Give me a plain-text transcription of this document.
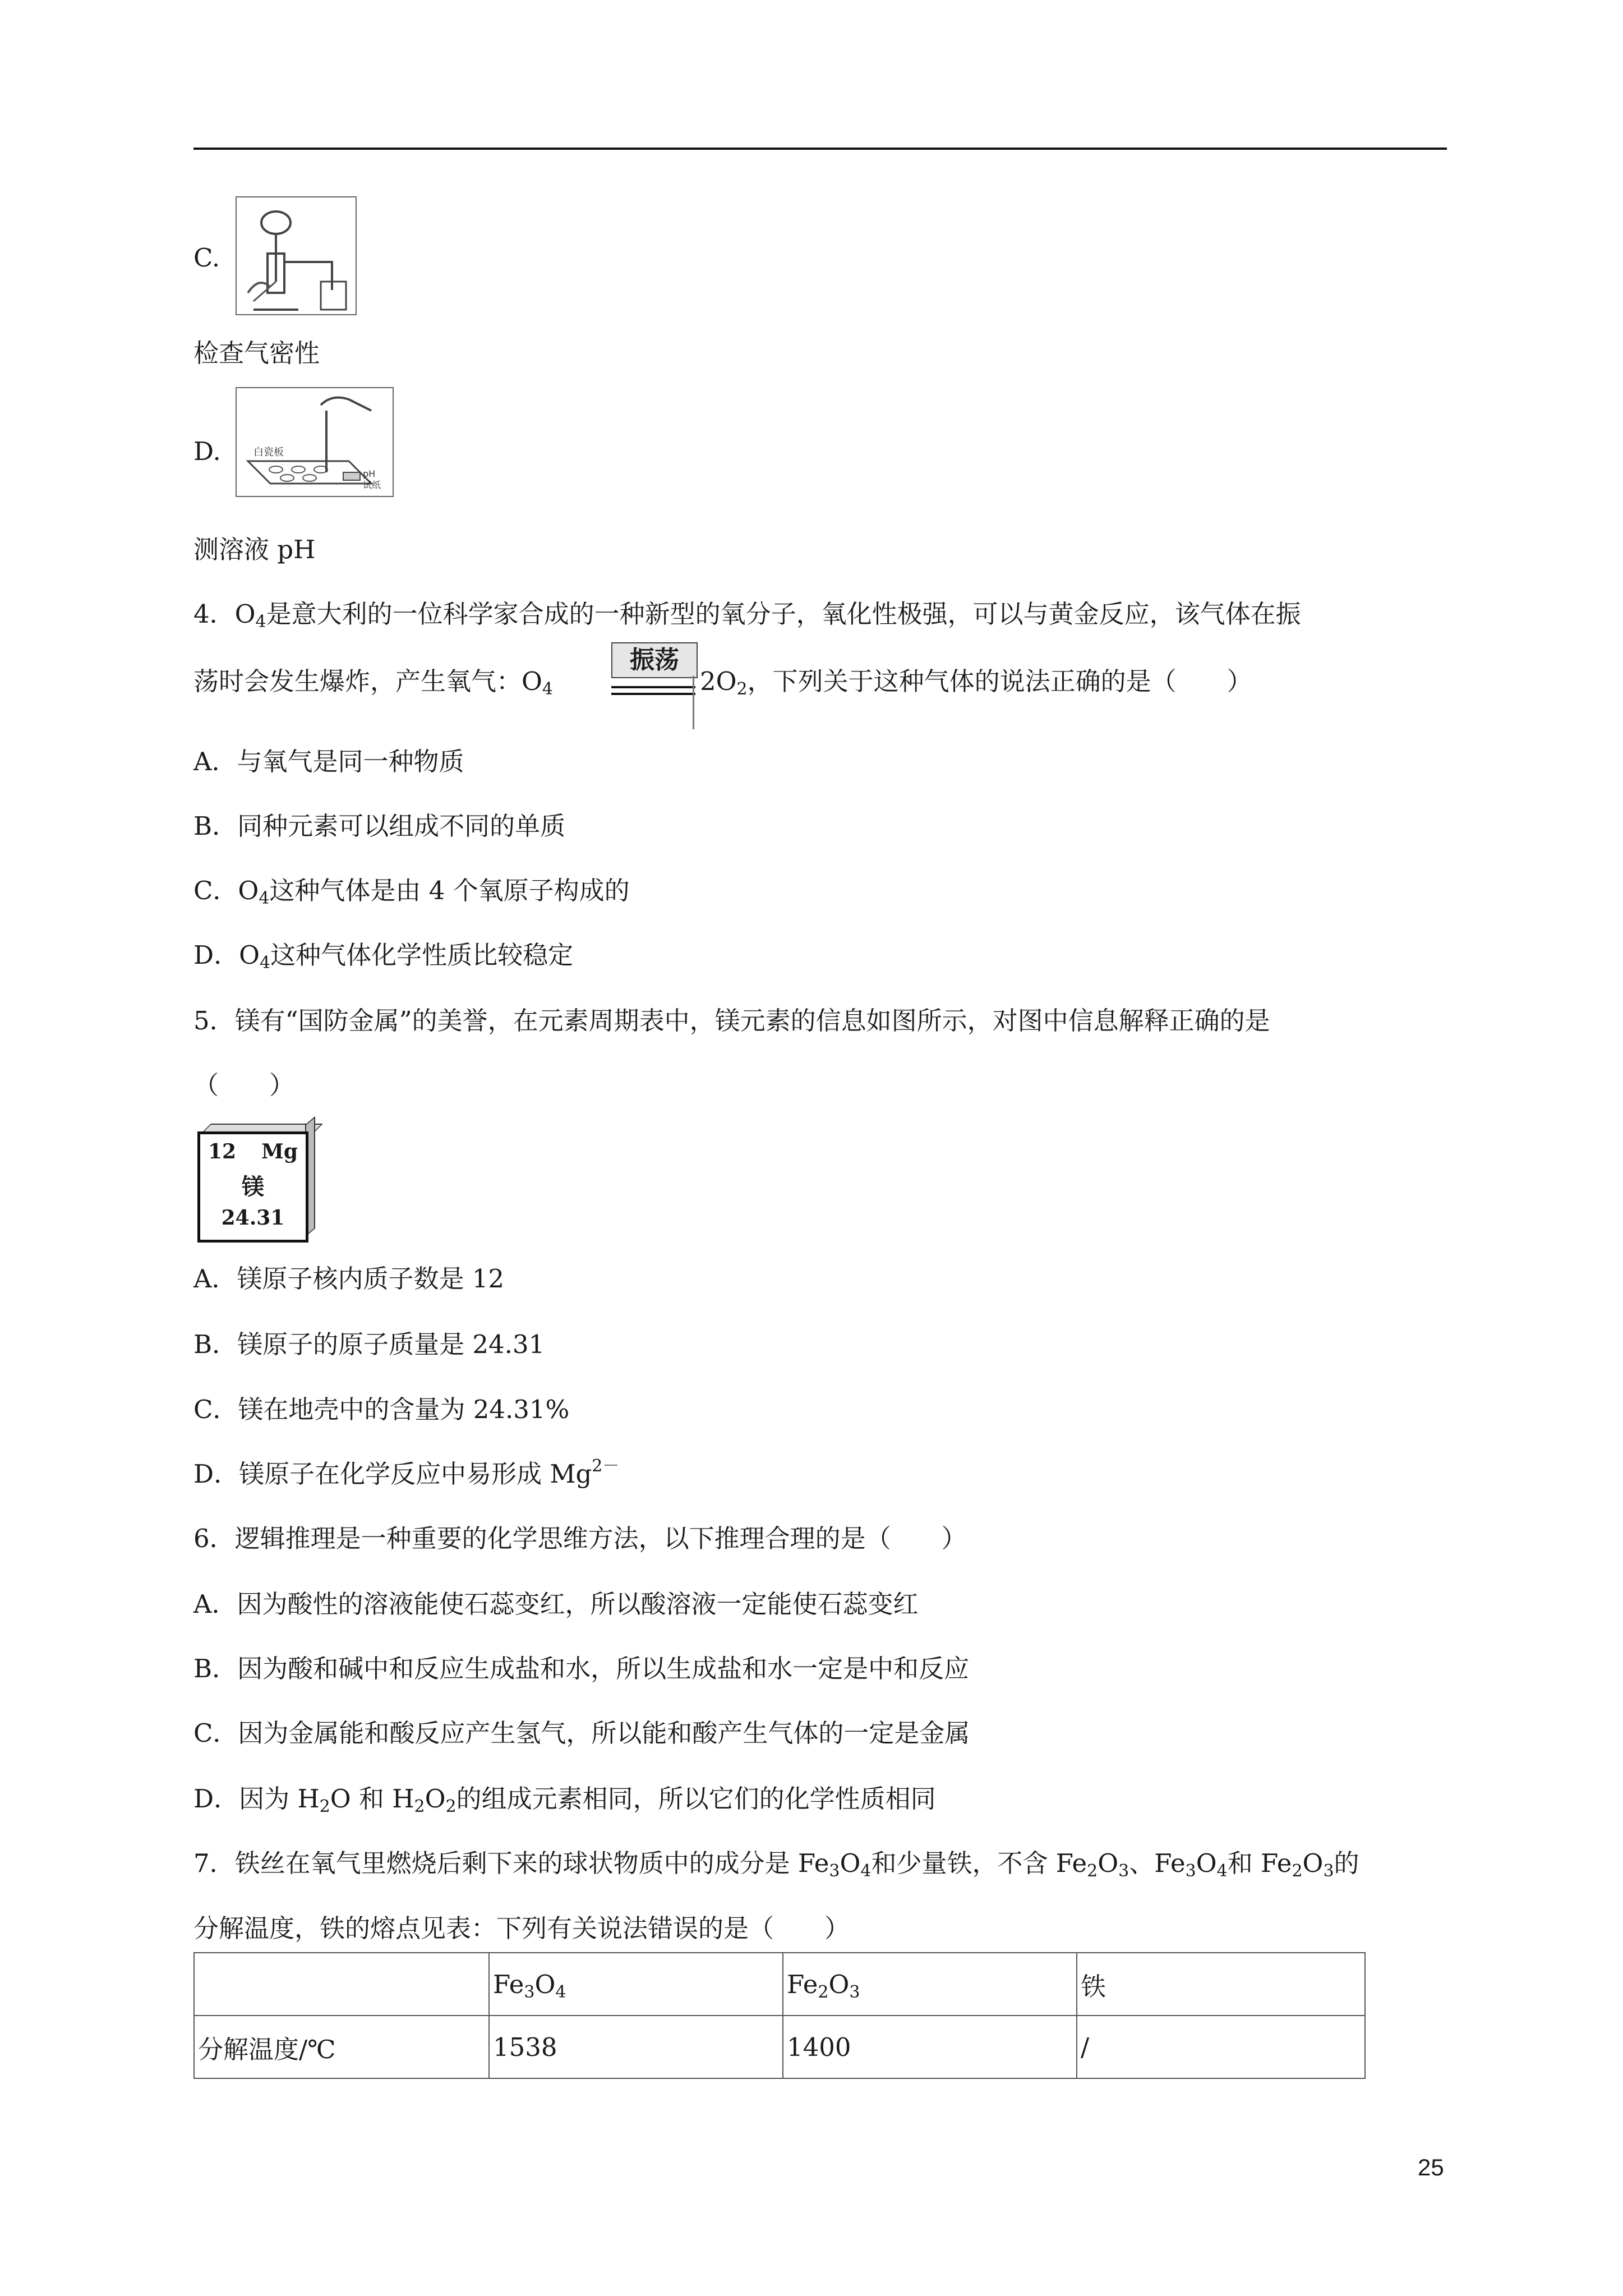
C.
检查气密性
D.	白瓷板
pH
试纸
测溶液 pH
4．$O_4$是意大利的一位科学家合成的一种新型的氧分子，氧化性极强，可以与黄金反应，该气体在振
荡时会发生爆炸，产生氧气：$O_4$
振荡
$2O_2$，下列关于这种气体的说法正确的是（　　）
A．与氧气是同一种物质
B．同种元素可以组成不同的单质
C．$O_4$这种气体是由 4 个氧原子构成的
D．$O_4$这种气体化学性质比较稳定
5．镁有“国防金属”的美誉，在元素周期表中，镁元素的信息如图所示，对图中信息解释正确的是
（　　）
12 Mg
镁
24.31
A．镁原子核内质子数是 12
B．镁原子的原子质量是 24.31
C．镁在地壳中的含量为 24.31%
D．镁原子在化学反应中易形成 $Mg^{2-}$
6．逻辑推理是一种重要的化学思维方法，以下推理合理的是（　　）
A．因为酸性的溶液能使石蕊变红，所以酸溶液一定能使石蕊变红
B．因为酸和碱中和反应生成盐和水，所以生成盐和水一定是中和反应
C．因为金属能和酸反应产生氢气，所以能和酸产生气体的一定是金属
D．因为 $H_2O$ 和 $H_2O_2$的组成元素相同，所以它们的化学性质相同
7．铁丝在氧气里燃烧后剩下来的球状物质中的成分是 $Fe_3O_4$和少量铁，不含 $Fe_2O_3$、$Fe_3O_4$和 $Fe_2O_3$的
分解温度，铁的熔点见表：下列有关说法错误的是（　　）
	$Fe_3O_4$	$Fe_2O_3$	铁
分解温度/℃	1538	1400	/
25
